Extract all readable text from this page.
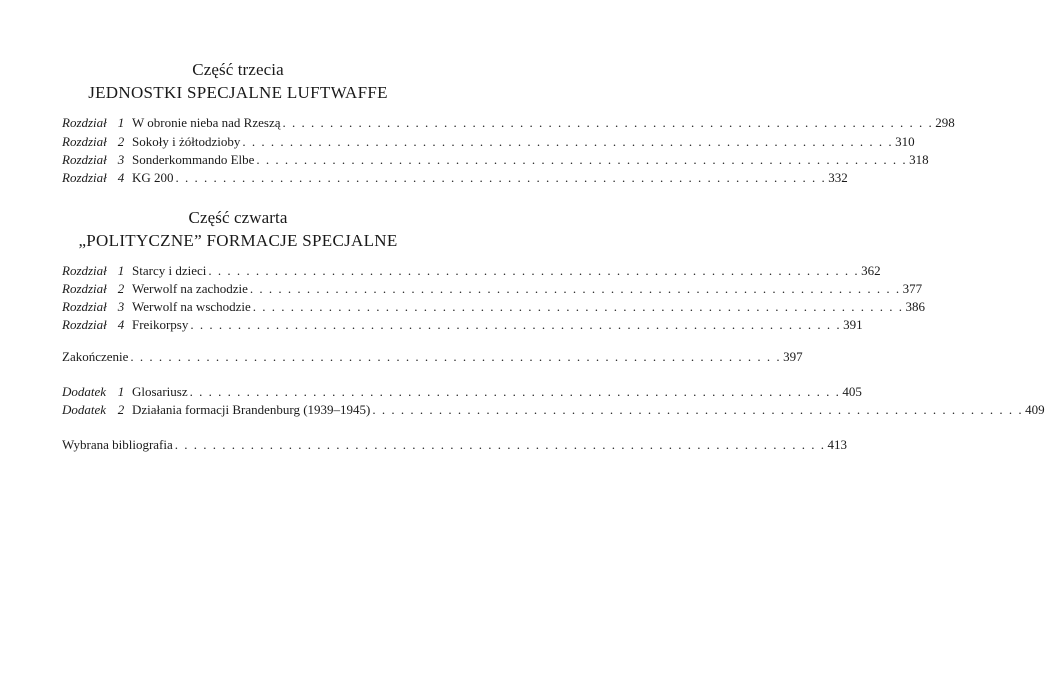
Część trzecia
JEDNOSTKI SPECJALNE LUFTWAFFE
Rozdział 1 W obronie nieba nad Rzeszą . . . . . . . . . . . . . . . . . . . . . . . . . . . . . . . . . . . . . . . . . . . . . . . . . . . . . . . . . . . . . . . . . . . . . 298
Rozdział 2 Sokoły i żółtodzioby . . . . . . . . . . . . . . . . . . . . . . . . . . . . . . . . . . . . . . . . . . . . . . . . . . . . . . . . . . . . . . . . . . . . . 310
Rozdział 3 Sonderkommando Elbe . . . . . . . . . . . . . . . . . . . . . . . . . . . . . . . . . . . . . . . . . . . . . . . . . . . . . . . . . . . . . . . . . . . . . 318
Rozdział 4 KG 200 . . . . . . . . . . . . . . . . . . . . . . . . . . . . . . . . . . . . . . . . . . . . . . . . . . . . . . . . . . . . . . . . . . . . . 332
Część czwarta
„POLITYCZNE” FORMACJE SPECJALNE
Rozdział 1 Starcy i dzieci . . . . . . . . . . . . . . . . . . . . . . . . . . . . . . . . . . . . . . . . . . . . . . . . . . . . . . . . . . . . . . . . . . . . . 362
Rozdział 2 Werwolf na zachodzie . . . . . . . . . . . . . . . . . . . . . . . . . . . . . . . . . . . . . . . . . . . . . . . . . . . . . . . . . . . . . . . . . . . . . 377
Rozdział 3 Werwolf na wschodzie . . . . . . . . . . . . . . . . . . . . . . . . . . . . . . . . . . . . . . . . . . . . . . . . . . . . . . . . . . . . . . . . . . . . . 386
Rozdział 4 Freikorpsy . . . . . . . . . . . . . . . . . . . . . . . . . . . . . . . . . . . . . . . . . . . . . . . . . . . . . . . . . . . . . . . . . . . . . 391
Zakończenie . . . . . . . . . . . . . . . . . . . . . . . . . . . . . . . . . . . . . . . . . . . . . . . . . . . . . . . . . . . . . . . . . . . . . 397
Dodatek 1 Glosariusz . . . . . . . . . . . . . . . . . . . . . . . . . . . . . . . . . . . . . . . . . . . . . . . . . . . . . . . . . . . . . . . . . . . . . 405
Dodatek 2 Działania formacji Brandenburg (1939–1945) . . . . . . . . . . . . . . . . . . . . . . . . . . . . . . . . . . . . . . . . . . . . . . . . . . . . . . . . . . . . . . . . . . . . . 409
Wybrana bibliografia . . . . . . . . . . . . . . . . . . . . . . . . . . . . . . . . . . . . . . . . . . . . . . . . . . . . . . . . . . . . . . . . . . . . . 413
